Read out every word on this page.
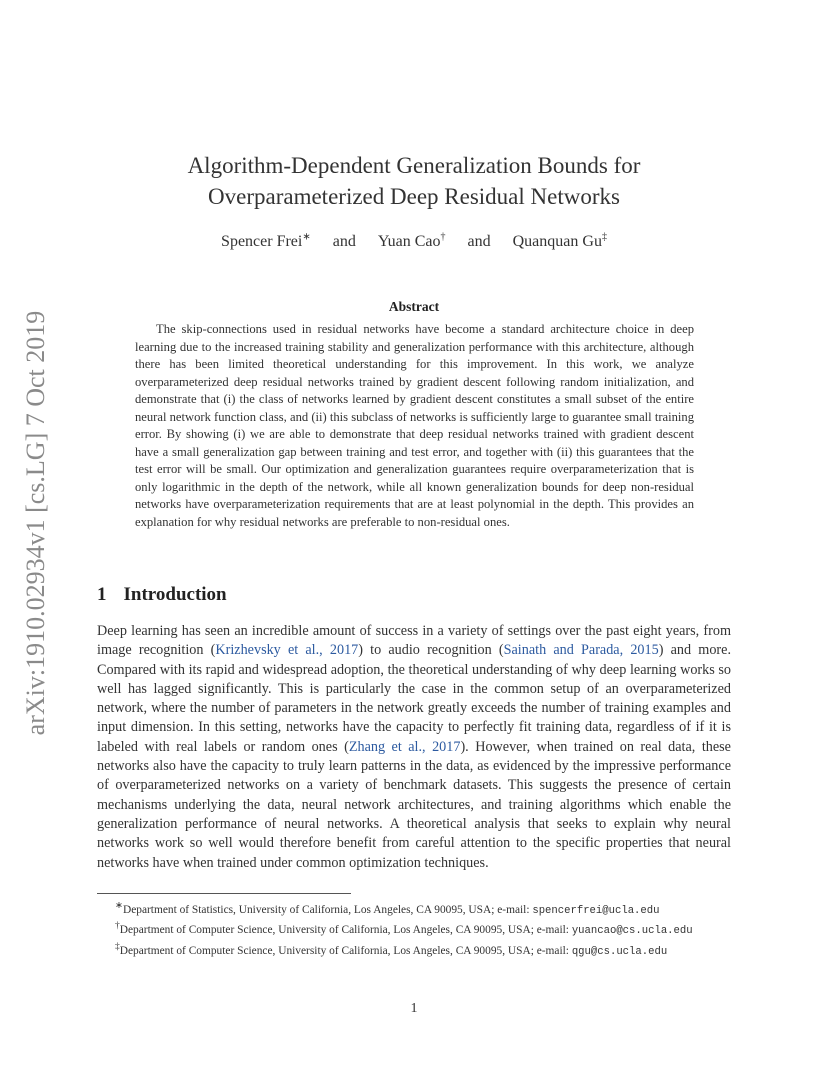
arXiv:1910.02934v1 [cs.LG] 7 Oct 2019
Algorithm-Dependent Generalization Bounds for
Overparameterized Deep Residual Networks
Spencer Frei∗ and Yuan Cao† and Quanquan Gu‡
Abstract

The skip-connections used in residual networks have become a standard architecture choice in deep learning due to the increased training stability and generalization performance with this architecture, although there has been limited theoretical understanding for this improvement. In this work, we analyze overparameterized deep residual networks trained by gradient descent following random initialization, and demonstrate that (i) the class of networks learned by gradient descent constitutes a small subset of the entire neural network function class, and (ii) this subclass of networks is sufficiently large to guarantee small training error. By showing (i) we are able to demonstrate that deep residual networks trained with gradient descent have a small generalization gap between training and test error, and together with (ii) this guarantees that the test error will be small. Our optimization and generalization guarantees require overparameterization that is only logarithmic in the depth of the network, while all known generalization bounds for deep non-residual networks have overparameterization requirements that are at least polynomial in the depth. This provides an explanation for why residual networks are preferable to non-residual ones.

1 Introduction

Deep learning has seen an incredible amount of success in a variety of settings over the past eight years, from image recognition (Krizhevsky et al., 2017) to audio recognition (Sainath and Parada, 2015) and more. Compared with its rapid and widespread adoption, the theoretical understanding of why deep learning works so well has lagged significantly. This is particularly the case in the common setup of an overparameterized network, where the number of parameters in the network greatly exceeds the number of training examples and input dimension. In this setting, networks have the capacity to perfectly fit training data, regardless of if it is labeled with real labels or random ones (Zhang et al., 2017). However, when trained on real data, these networks also have the capacity to truly learn patterns in the data, as evidenced by the impressive performance of overparameterized networks on a variety of benchmark datasets. This suggests the presence of certain mechanisms underlying the data, neural network architectures, and training algorithms which enable the generalization performance of neural networks. A theoretical analysis that seeks to explain why neural networks work so well would therefore benefit from careful attention to the specific properties that neural networks have when trained under common optimization techniques.

∗Department of Statistics, University of California, Los Angeles, CA 90095, USA; e-mail: spencerfrei@ucla.edu

†Department of Computer Science, University of California, Los Angeles, CA 90095, USA; e-mail: yuancao@cs.ucla.edu

‡Department of Computer Science, University of California, Los Angeles, CA 90095, USA; e-mail: qgu@cs.ucla.edu

1
